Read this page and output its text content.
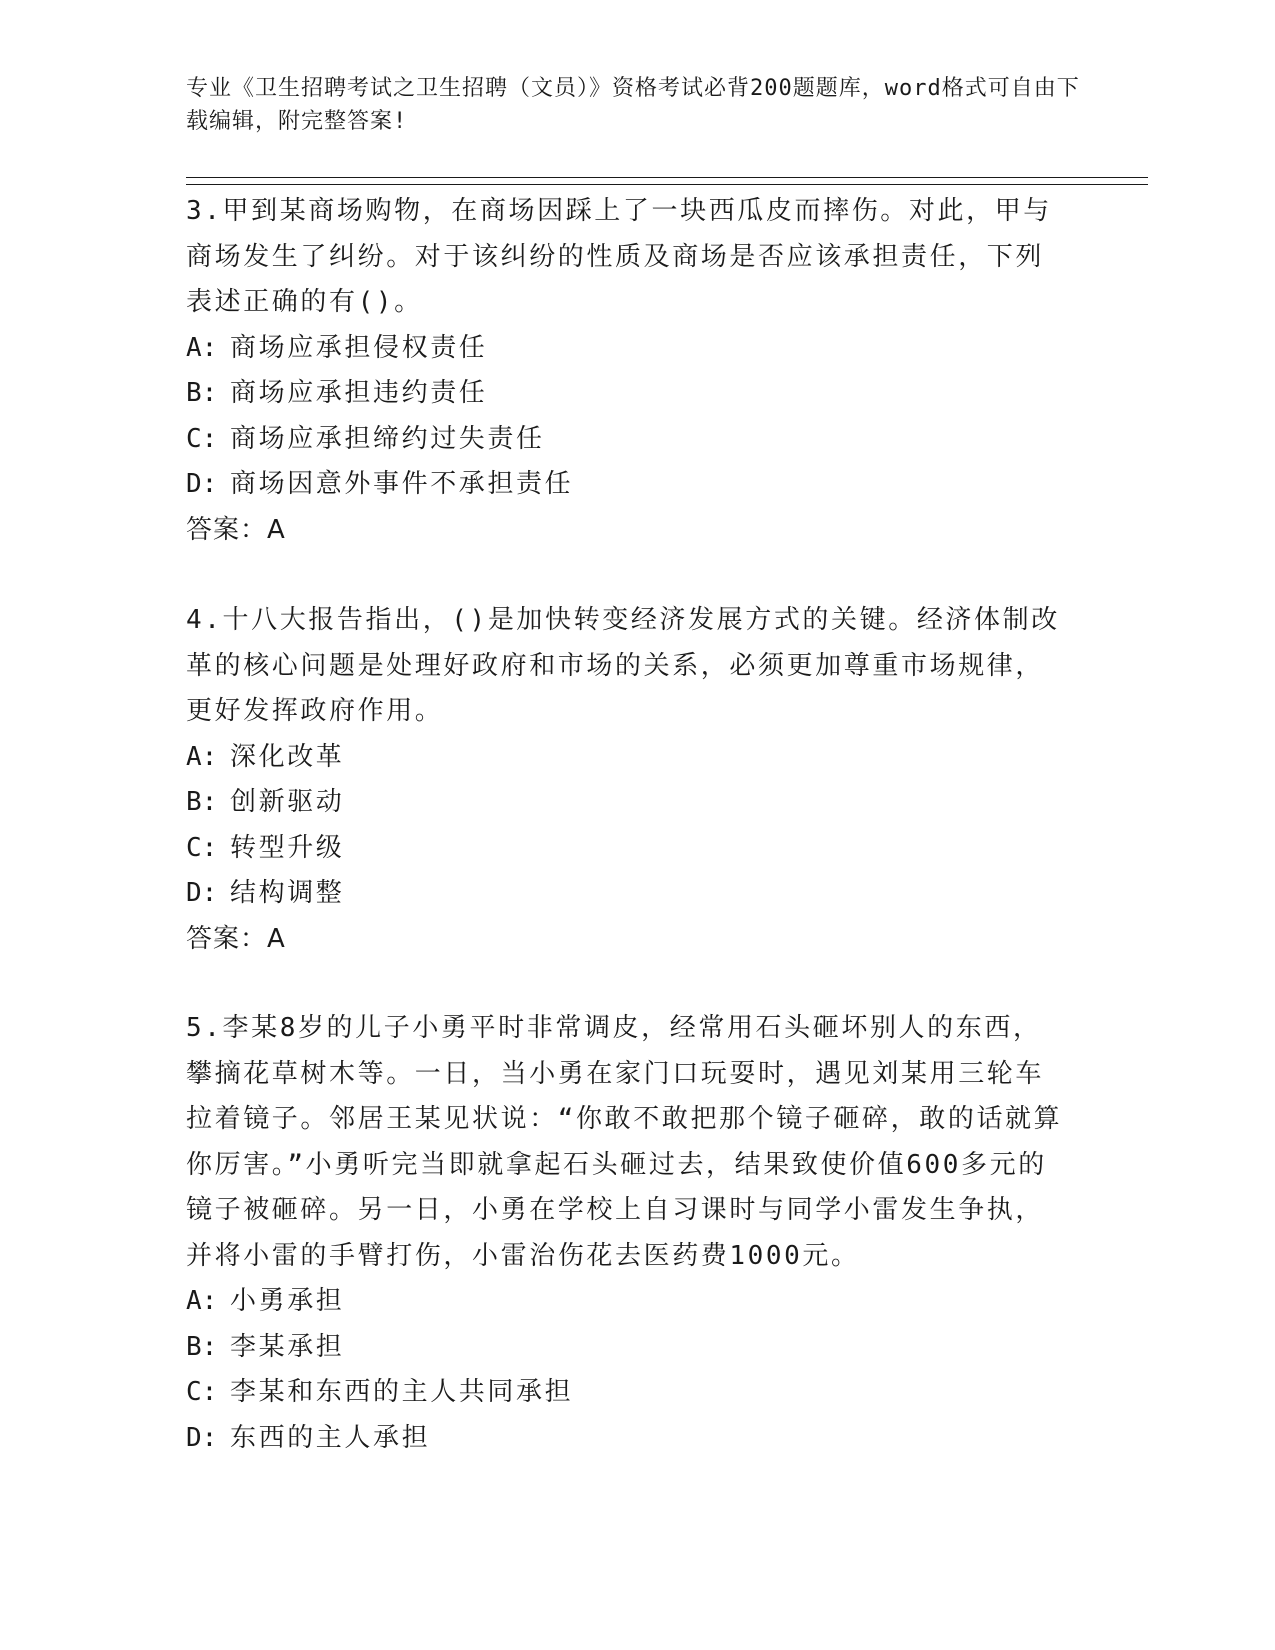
专业《卫生招聘考试之卫生招聘（文员）》资格考试必背200题题库，word格式可自由下载编辑，附完整答案!

3.甲到某商场购物，在商场因踩上了一块西瓜皮而摔伤。对此，甲与商场发生了纠纷。对于该纠纷的性质及商场是否应该承担责任，下列表述正确的有()。

A: 商场应承担侵权责任

B: 商场应承担违约责任

C: 商场应承担缔约过失责任

D: 商场因意外事件不承担责任

答案：A

4.十八大报告指出，()是加快转变经济发展方式的关键。经济体制改革的核心问题是处理好政府和市场的关系，必须更加尊重市场规律，更好发挥政府作用。

A: 深化改革

B: 创新驱动

C: 转型升级

D: 结构调整

答案：A

5.李某8岁的儿子小勇平时非常调皮，经常用石头砸坏别人的东西，攀摘花草树木等。一日，当小勇在家门口玩耍时，遇见刘某用三轮车拉着镜子。邻居王某见状说：“你敢不敢把那个镜子砸碎，敢的话就算你厉害。”小勇听完当即就拿起石头砸过去，结果致使价值600多元的镜子被砸碎。另一日，小勇在学校上自习课时与同学小雷发生争执，并将小雷的手臂打伤，小雷治伤花去医药费1000元。

A: 小勇承担

B: 李某承担

C: 李某和东西的主人共同承担

D: 东西的主人承担
